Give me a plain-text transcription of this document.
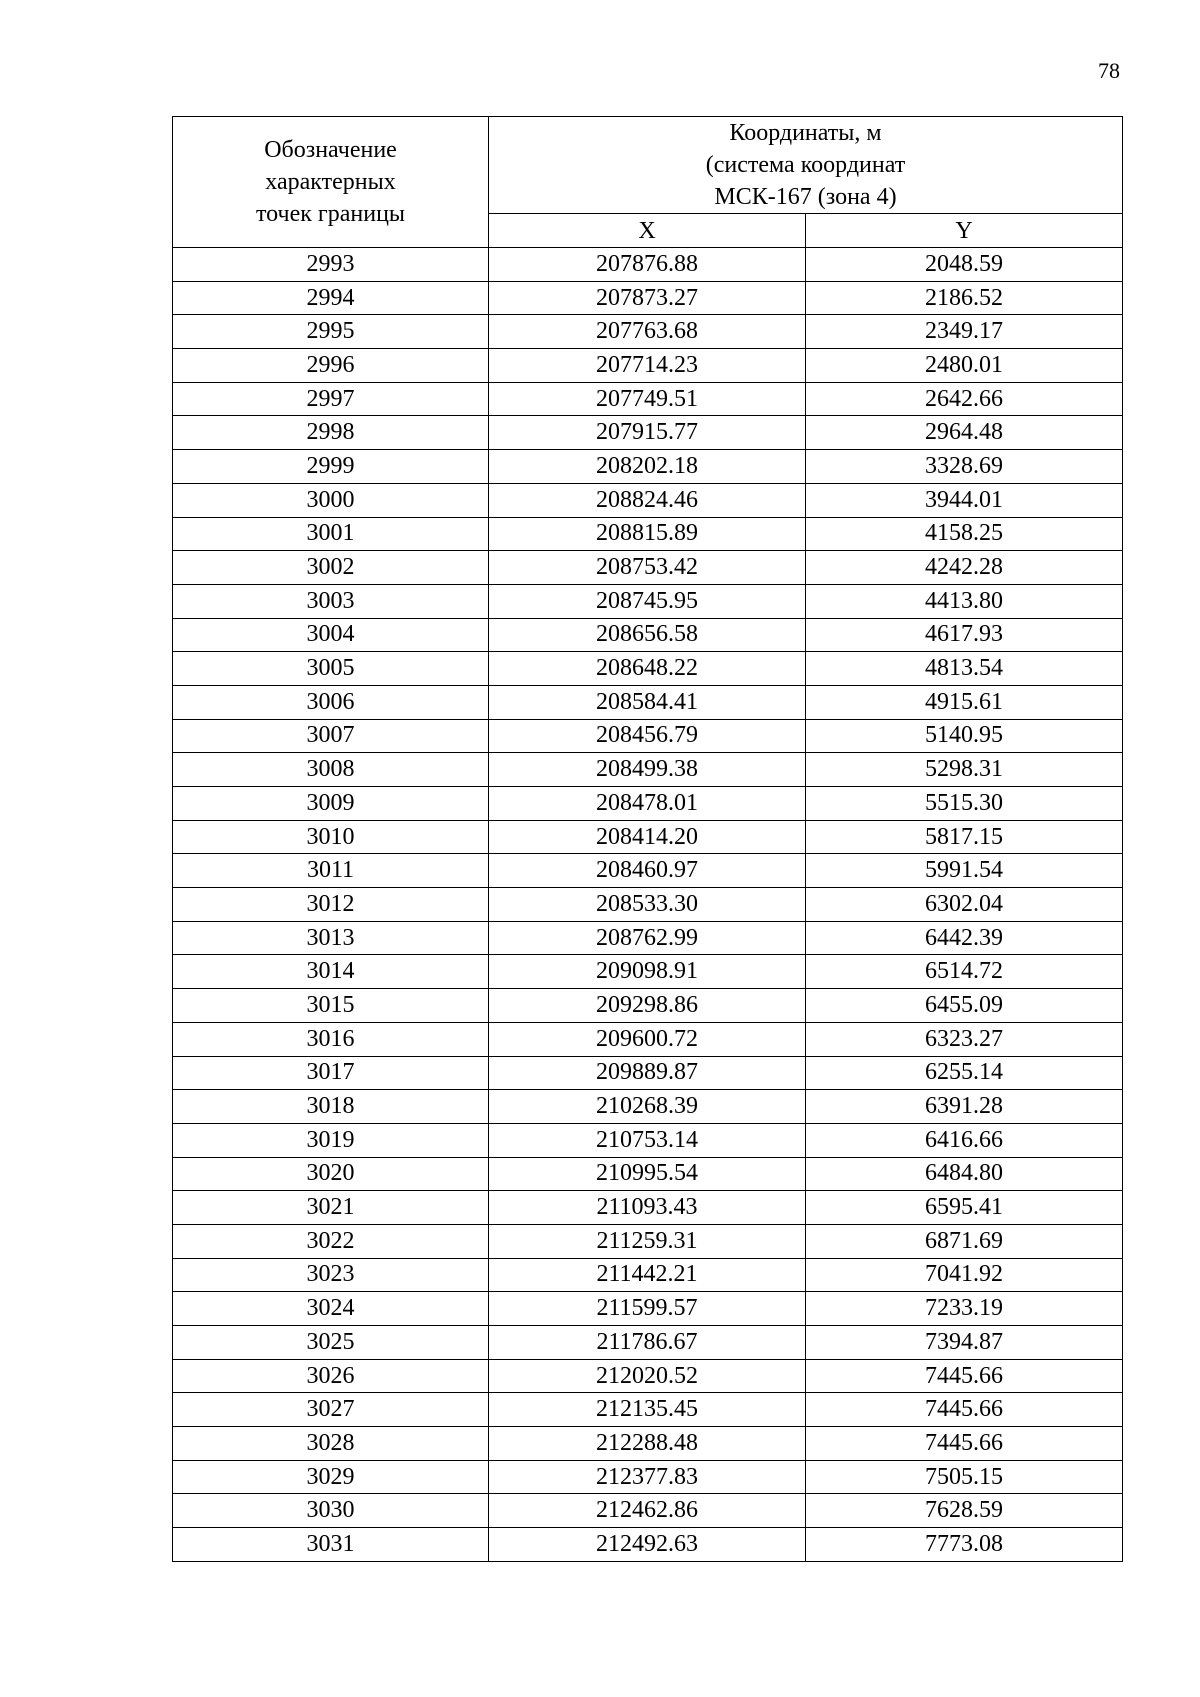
78
Обозначение
характерных
точек границы	Координаты, м
(система координат
МСК-167 (зона 4)	

	X	Y
2993	207876.88	2048.59
2994	207873.27	2186.52
2995	207763.68	2349.17
2996	207714.23	2480.01
2997	207749.51	2642.66
2998	207915.77	2964.48
2999	208202.18	3328.69
3000	208824.46	3944.01
3001	208815.89	4158.25
3002	208753.42	4242.28
3003	208745.95	4413.80
3004	208656.58	4617.93
3005	208648.22	4813.54
3006	208584.41	4915.61
3007	208456.79	5140.95
3008	208499.38	5298.31
3009	208478.01	5515.30
3010	208414.20	5817.15
3011	208460.97	5991.54
3012	208533.30	6302.04
3013	208762.99	6442.39
3014	209098.91	6514.72
3015	209298.86	6455.09
3016	209600.72	6323.27
3017	209889.87	6255.14
3018	210268.39	6391.28
3019	210753.14	6416.66
3020	210995.54	6484.80
3021	211093.43	6595.41
3022	211259.31	6871.69
3023	211442.21	7041.92
3024	211599.57	7233.19
3025	211786.67	7394.87
3026	212020.52	7445.66
3027	212135.45	7445.66
3028	212288.48	7445.66
3029	212377.83	7505.15
3030	212462.86	7628.59
3031	212492.63	7773.08
